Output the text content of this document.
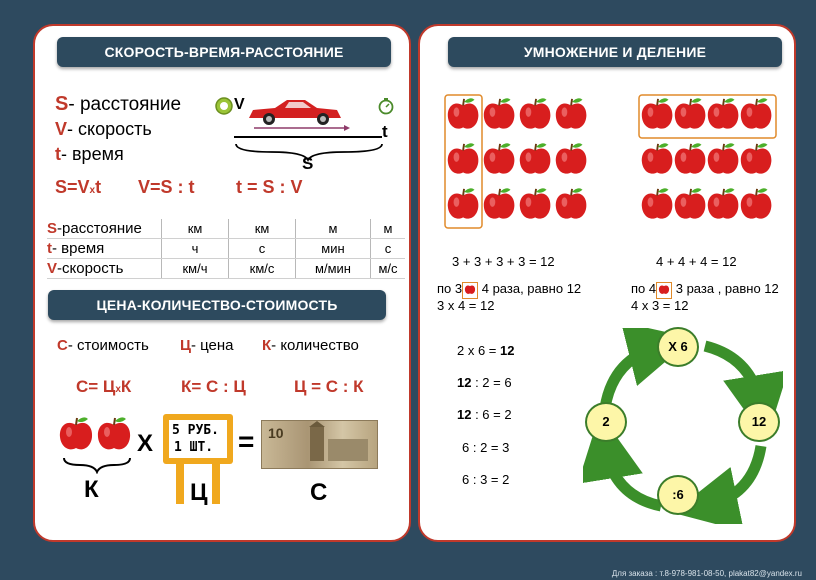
СКОРОСТЬ-ВРЕМЯ-РАССТОЯНИЕ
S- расстояние
V- скорость
t- время
V
t
S
S=Vхt V=S : t t = S : V
S-расстояние	км	км	м	м
t- время	ч	с	мин	с
V-скорость	км/ч	км/с	м/мин	м/с
ЦЕНА-КОЛИЧЕСТВО-СТОИМОСТЬ
С- стоимость Ц- цена К- количество
С= ЦхК	К= С : Ц	Ц = С : К
К
Х 5 РУБ.
1 ШТ.
Ц
= 10
С
УМНОЖЕНИЕ И ДЕЛЕНИЕ
3 + 3 + 3 + 3 = 12
по 3 4 раза, равно 12
3 х 4 = 12
4 + 4 + 4 = 12
по 4 3 раза , равно 12
4 х 3 = 12
2 х 6 = 12
12 : 2 = 6
12 : 6 = 2
6 : 2 = 3
6 : 3 = 2
Х 6
12
:6
2
Для заказа : т.8-978-981-08-50, plakat82@yandex.ru
